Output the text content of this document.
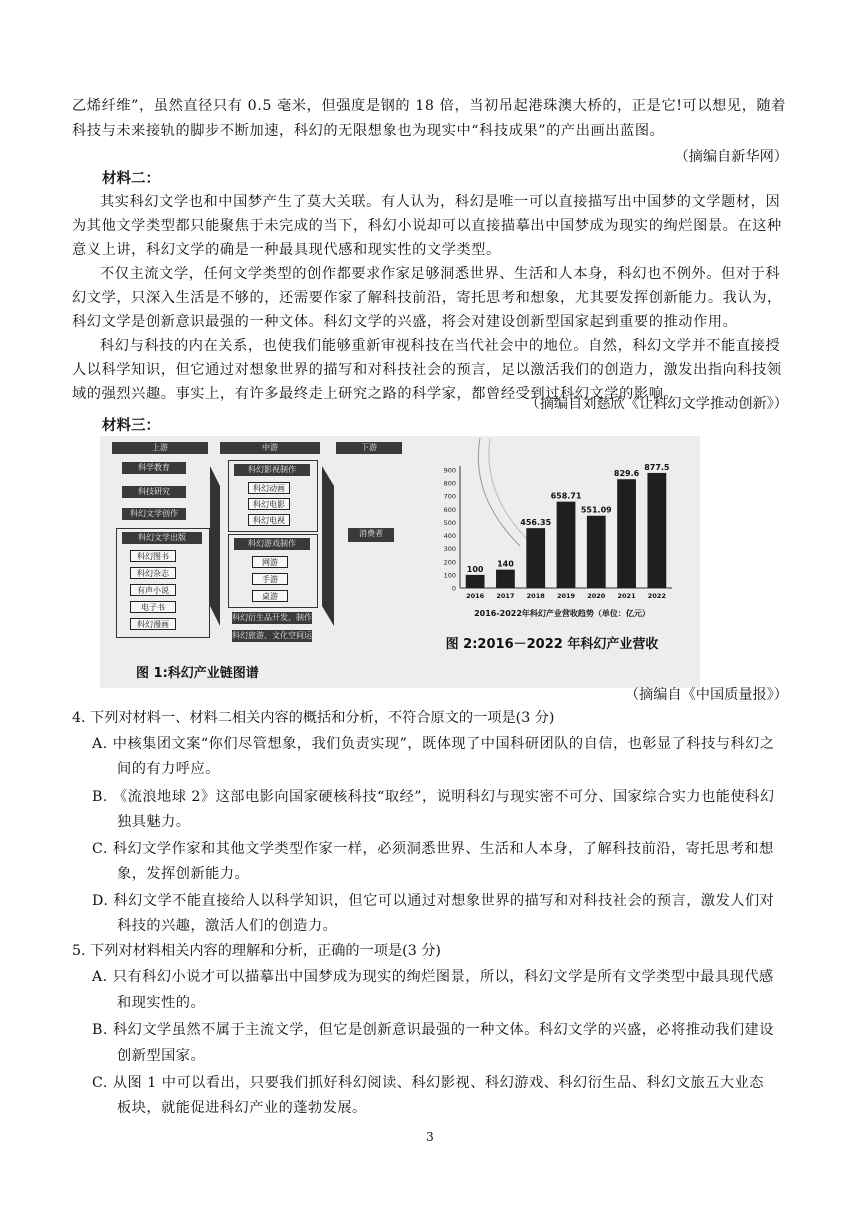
乙烯纤维”，虽然直径只有 0.5 毫米，但强度是钢的 18 倍，当初吊起港珠澳大桥的，正是它!可以想见，随着
科技与未来接轨的脚步不断加速，科幻的无限想象也为现实中“科技成果”的产出画出蓝图。
（摘编自新华网）
材料二：
其实科幻文学也和中国梦产生了莫大关联。有人认为，科幻是唯一可以直接描写出中国梦的文学题材，因
为其他文学类型都只能聚焦于未完成的当下，科幻小说却可以直接描摹出中国梦成为现实的绚烂图景。在这种
意义上讲，科幻文学的确是一种最具现代感和现实性的文学类型。
不仅主流文学，任何文学类型的创作都要求作家足够洞悉世界、生活和人本身，科幻也不例外。但对于科
幻文学，只深入生活是不够的，还需要作家了解科技前沿，寄托思考和想象，尤其要发挥创新能力。我认为，
科幻文学是创新意识最强的一种文体。科幻文学的兴盛，将会对建设创新型国家起到重要的推动作用。
科幻与科技的内在关系，也使我们能够重新审视科技在当代社会中的地位。自然，科幻文学并不能直接授
人以科学知识，但它通过对想象世界的描写和对科技社会的预言，足以激活我们的创造力，激发出指向科技领
域的强烈兴趣。事实上，有许多最终走上研究之路的科学家，都曾经受到过科幻文学的影响。
（摘编自刘慈欣《让科幻文学推动创新》）
材料三：
上游	中游	下游
科学教育
科技研究
科幻文学创作
科幻文学出版
科幻图书
科幻杂志
有声小说
电子书
科幻漫画
科幻影视制作
科幻动画
科幻电影
科幻电视
科幻游戏制作
网游
手游
桌游
科幻衍生品开发、制作
科幻旅游、文化空间运营
消费者
图 1:科幻产业链图谱
0
100
200
300
400
500
600
700
800
900
100
2016
140
2017
456.35
2018
658.71
2019
551.09
2020
829.6
2021
877.5
2022
2016-2022年科幻产业营收趋势（单位：亿元）
图 2:2016－2022 年科幻产业营收
（摘编自《中国质量报》）
4. 下列对材料一、材料二相关内容的概括和分析，不符合原文的一项是(3 分)
A. 中核集团文案“你们尽管想象，我们负责实现”，既体现了中国科研团队的自信，也彰显了科技与科幻之
间的有力呼应。
B. 《流浪地球 2》这部电影向国家硬核科技“取经”，说明科幻与现实密不可分、国家综合实力也能使科幻
独具魅力。
C. 科幻文学作家和其他文学类型作家一样，必须洞悉世界、生活和人本身，了解科技前沿，寄托思考和想
象，发挥创新能力。
D. 科幻文学不能直接给人以科学知识，但它可以通过对想象世界的描写和对科技社会的预言，激发人们对
科技的兴趣，激活人们的创造力。
5. 下列对材料相关内容的理解和分析，正确的一项是(3 分)
A. 只有科幻小说才可以描摹出中国梦成为现实的绚烂图景，所以，科幻文学是所有文学类型中最具现代感
和现实性的。
B. 科幻文学虽然不属于主流文学，但它是创新意识最强的一种文体。科幻文学的兴盛，必将推动我们建设
创新型国家。
C. 从图 1 中可以看出，只要我们抓好科幻阅读、科幻影视、科幻游戏、科幻衍生品、科幻文旅五大业态
板块，就能促进科幻产业的蓬勃发展。
3
